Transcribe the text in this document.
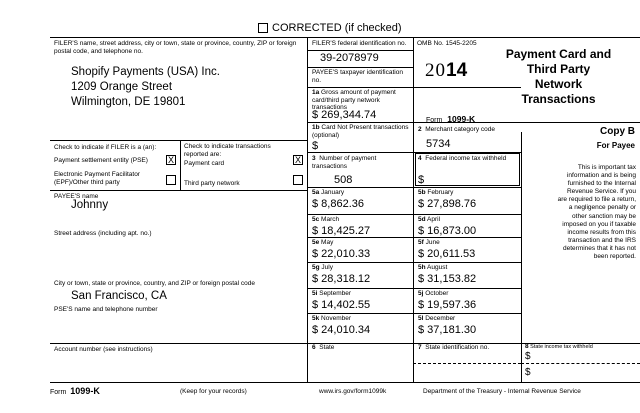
CORRECTED (if checked)
FILER'S name, street address, city or town, state or province, country, ZIP or foreign postal code, and telephone no.
Shopify Payments (USA) Inc.
1209 Orange Street
Wilmington, DE 19801
FILER'S federal identification no.
39-2078979
PAYEE'S taxpayer identification no.
OMB No. 1545-2205
2014
Form 1099-K
Payment Card and
Third Party
Network
Transactions
1a Gross amount of payment card/third party network transactions
$ 269,344.74
1b Card Not Present transactions (optional)
$
2 Merchant category code
5734
3 Number of payment transactions
508
4 Federal income tax withheld
$
Copy B
For Payee
This is important tax information and is being furnished to the Internal Revenue Service. If you are required to file a return, a negligence penalty or other sanction may be imposed on you if taxable income results from this transaction and the IRS determines that it has not been reported.
Check to indicate if FILER is a (an):
Payment settlement entity (PSE)	X
Electronic Payment Facilitator (EPF)/Other third party
Check to indicate transactions reported are:
Payment card	X
Third party network
PAYEE'S name
Johnny
Street address (including apt. no.)
City or town, state or province, country, and ZIP or foreign postal code
San Francisco, CA
PSE'S name and telephone number
Account number (see instructions)
5a January
$ 8,862.36
5b February
$ 27,898.76
5c March
$ 18,425.27
5d April
$ 16,873.00
5e May
$ 22,010.33
5f June
$ 20,611.53
5g July
$ 28,318.12
5h August
$ 31,153.82
5i September
$ 14,402.55
5j October
$ 19,597.36
5k November
$ 24,010.34
5l December
$ 37,181.30
6 State	7 State identification no.	8 State income tax withheld
$
$
Form 1099-K	(Keep for your records)	www.irs.gov/form1099k	Department of the Treasury - Internal Revenue Service
